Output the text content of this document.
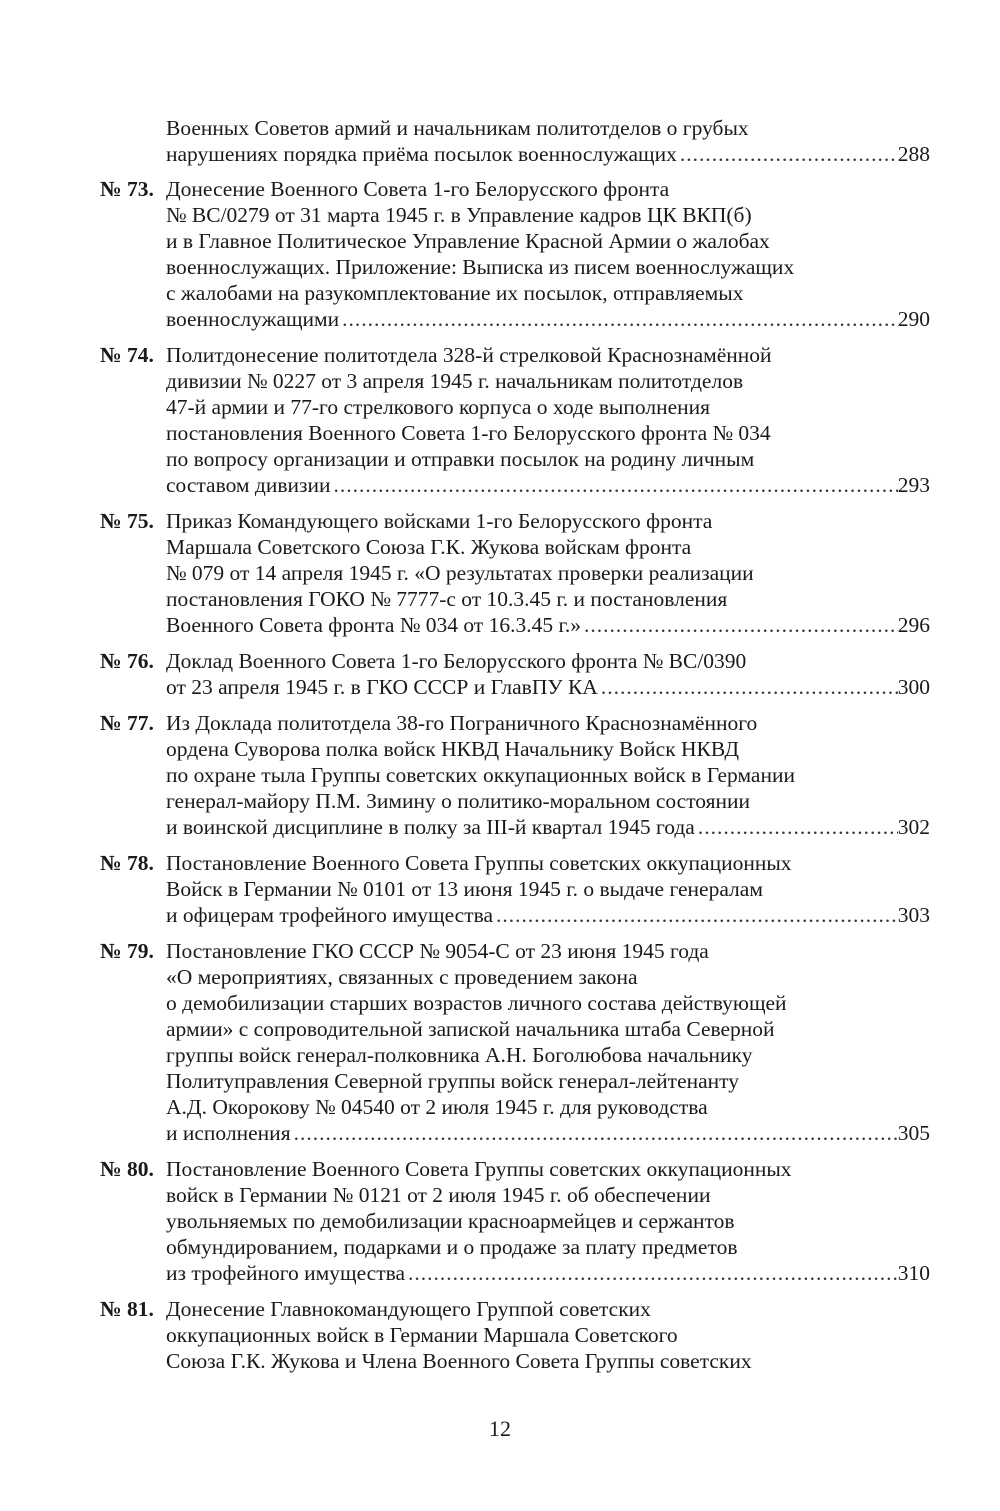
Военных Советов армий и начальникам политотделов о грубых
нарушениях порядка приёма посылок военнослужащих .....	288
№ 73. Донесение Военного Совета 1-го Белорусского фронта
№ ВС/0279 от 31 марта 1945 г. в Управление кадров ЦК ВКП(б)
и в Главное Политическое Управление Красной Армии о жалобах
военнослужащих. Приложение: Выписка из писем военнослужащих
с жалобами на разукомплектование их посылок, отправляемых
военнослужащими .....	290
№ 74. Политдонесение политотдела 328-й стрелковой Краснознамённой
дивизии № 0227 от 3 апреля 1945 г. начальникам политотделов
47-й армии и 77-го стрелкового корпуса о ходе выполнения
постановления Военного Совета 1-го Белорусского фронта № 034
по вопросу организации и отправки посылок на родину личным
составом дивизии .....	293
№ 75. Приказ Командующего войсками 1-го Белорусского фронта
Маршала Советского Союза Г.К. Жукова войскам фронта
№ 079 от 14 апреля 1945 г. «О результатах проверки реализации
постановления ГОКО № 7777-с от 10.3.45 г. и постановления
Военного Совета фронта № 034 от 16.3.45 г.» .....	296
№ 76. Доклад Военного Совета 1-го Белорусского фронта № ВС/0390
от 23 апреля 1945 г. в ГКО СССР и ГлавПУ КА .....	300
№ 77. Из Доклада политотдела 38-го Пограничного Краснознамённого
ордена Суворова полка войск НКВД Начальнику Войск НКВД
по охране тыла Группы советских оккупационных войск в Германии
генерал-майору П.М. Зимину о политико-моральном состоянии
и воинской дисциплине в полку за III-й квартал 1945 года .....	302
№ 78. Постановление Военного Совета Группы советских оккупационных
Войск в Германии № 0101 от 13 июня 1945 г. о выдаче генералам
и офицерам трофейного имущества .....	303
№ 79. Постановление ГКО СССР № 9054-С от 23 июня 1945 года
«О мероприятиях, связанных с проведением закона
о демобилизации старших возрастов личного состава действующей
армии» с сопроводительной запиской начальника штаба Северной
группы войск генерал-полковника А.Н. Боголюбова начальнику
Политуправления Северной группы войск генерал-лейтенанту
А.Д. Окорокову № 04540 от 2 июля 1945 г. для руководства
и исполнения .....	305
№ 80. Постановление Военного Совета Группы советских оккупационных
войск в Германии № 0121 от 2 июля 1945 г. об обеспечении
увольняемых по демобилизации красноармейцев и сержантов
обмундированием, подарками и о продаже за плату предметов
из трофейного имущества .....	310
№ 81. Донесение Главнокомандующего Группой советских
оккупационных войск в Германии Маршала Советского
Союза Г.К. Жукова и Члена Военного Совета Группы советских
12
